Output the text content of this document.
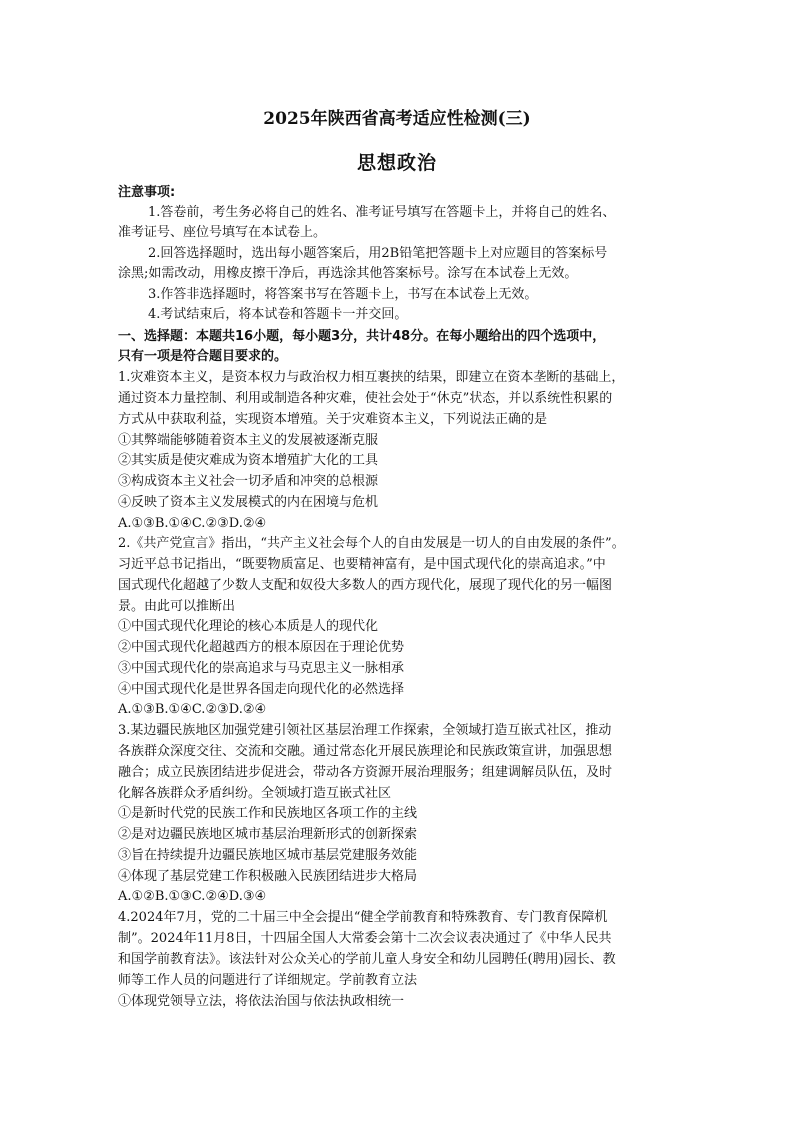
2025年陕西省高考适应性检测(三)
思想政治
注意事项:
1.答卷前，考生务必将自己的姓名、准考证号填写在答题卡上，并将自己的姓名、
准考证号、座位号填写在本试卷上。
2.回答选择题时，选出每小题答案后，用2B铅笔把答题卡上对应题目的答案标号
涂黑;如需改动，用橡皮擦干净后，再选涂其他答案标号。涂写在本试卷上无效。
3.作答非选择题时，将答案书写在答题卡上，书写在本试卷上无效。
4.考试结束后，将本试卷和答题卡一并交回。
一、选择题：本题共16小题，每小题3分，共计48分。在每小题给出的四个选项中，
只有一项是符合题目要求的。
1.灾难资本主义，是资本权力与政治权力相互裹挟的结果，即建立在资本垄断的基础上，
通过资本力量控制、利用或制造各种灾难，使社会处于“休克”状态，并以系统性积累的
方式从中获取利益，实现资本增殖。关于灾难资本主义，下列说法正确的是
①其弊端能够随着资本主义的发展被逐渐克服
②其实质是使灾难成为资本增殖扩大化的工具
③构成资本主义社会一切矛盾和冲突的总根源
④反映了资本主义发展模式的内在困境与危机
A.①③B.①④C.②③D.②④
2.《共产党宣言》指出，“共产主义社会每个人的自由发展是一切人的自由发展的条件”。
习近平总书记指出，“既要物质富足、也要精神富有，是中国式现代化的崇高追求。”中
国式现代化超越了少数人支配和奴役大多数人的西方现代化，展现了现代化的另一幅图
景。由此可以推断出
①中国式现代化理论的核心本质是人的现代化
②中国式现代化超越西方的根本原因在于理论优势
③中国式现代化的崇高追求与马克思主义一脉相承
④中国式现代化是世界各国走向现代化的必然选择
A.①③B.①④C.②③D.②④
3.某边疆民族地区加强党建引领社区基层治理工作探索，全领域打造互嵌式社区，推动
各族群众深度交往、交流和交融。通过常态化开展民族理论和民族政策宣讲，加强思想
融合；成立民族团结进步促进会，带动各方资源开展治理服务；组建调解员队伍，及时
化解各族群众矛盾纠纷。全领域打造互嵌式社区
①是新时代党的民族工作和民族地区各项工作的主线
②是对边疆民族地区城市基层治理新形式的创新探索
③旨在持续提升边疆民族地区城市基层党建服务效能
④体现了基层党建工作积极融入民族团结进步大格局
A.①②B.①③C.②④D.③④
4.2024年7月，党的二十届三中全会提出“健全学前教育和特殊教育、专门教育保障机
制”。2024年11月8日，十四届全国人大常委会第十二次会议表决通过了《中华人民共
和国学前教育法》。该法针对公众关心的学前儿童人身安全和幼儿园聘任(聘用)园长、教
师等工作人员的问题进行了详细规定。学前教育立法
①体现党领导立法，将依法治国与依法执政相统一
